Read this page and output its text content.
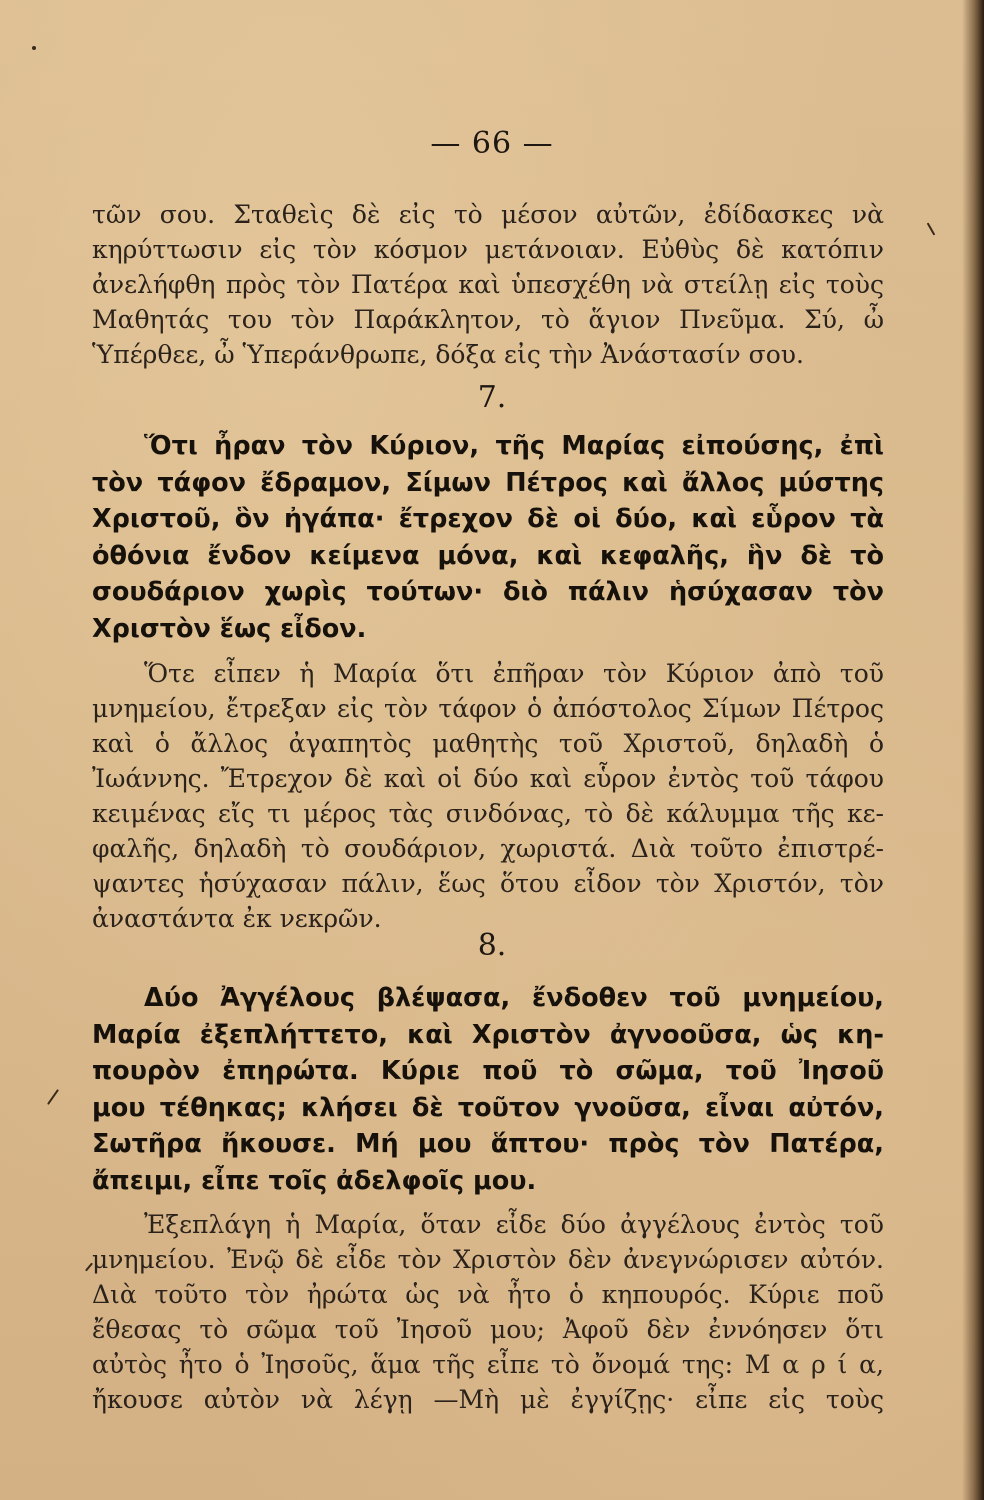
— 66 —
τῶν σου. Σταθεὶς δὲ εἰς τὸ μέσον αὐτῶν, ἐδίδασκες νὰ
κηρύττωσιν εἰς τὸν κόσμον μετάνοιαν. Εὐθὺς δὲ κατόπιν
ἀνελήφθη πρὸς τὸν Πατέρα καὶ ὑπεσχέθη νὰ στείλῃ εἰς τοὺς
Μαθητάς του τὸν Παράκλητον, τὸ ἅγιον Πνεῦμα. Σύ, ὦ
Ὑπέρθεε, ὦ Ὑπεράνθρωπε, δόξα εἰς τὴν Ἀνάστασίν σου.
7.
Ὅτι ἦραν τὸν Κύριον, τῆς Μαρίας εἰπούσης, ἐπὶ
τὸν τάφον ἔδραμον, Σίμων Πέτρος καὶ ἄλλος μύστης
Χριστοῦ, ὃν ἠγάπα· ἔτρεχον δὲ οἱ δύο, καὶ εὗρον τὰ
ὀθόνια ἔνδον κείμενα μόνα, καὶ κεφαλῆς, ἣν δὲ τὸ
σουδάριον χωρὶς τούτων· διὸ πάλιν ἡσύχασαν τὸν
Χριστὸν ἕως εἶδον.
Ὅτε εἶπεν ἡ Μαρία ὅτι ἐπῆραν τὸν Κύριον ἀπὸ τοῦ
μνημείου, ἔτρεξαν εἰς τὸν τάφον ὁ ἀπόστολος Σίμων Πέτρος
καὶ ὁ ἄλλος ἀγαπητὸς μαθητὴς τοῦ Χριστοῦ, δηλαδὴ ὁ
Ἰωάννης. Ἔτρεχον δὲ καὶ οἱ δύο καὶ εὗρον ἐντὸς τοῦ τάφου
κειμένας εἴς τι μέρος τὰς σινδόνας, τὸ δὲ κάλυμμα τῆς κε-
φαλῆς, δηλαδὴ τὸ σουδάριον, χωριστά. Διὰ τοῦτο ἐπιστρέ-
ψαντες ἡσύχασαν πάλιν, ἕως ὅτου εἶδον τὸν Χριστόν, τὸν
ἀναστάντα ἐκ νεκρῶν.
8.
Δύο Ἀγγέλους βλέψασα, ἔνδοθεν τοῦ μνημείου,
Μαρία ἐξεπλήττετο, καὶ Χριστὸν ἀγνοοῦσα, ὡς κη-
πουρὸν ἐπηρώτα. Κύριε ποῦ τὸ σῶμα, τοῦ Ἰησοῦ
μου τέθηκας; κλήσει δὲ τοῦτον γνοῦσα, εἶναι αὐτόν,
Σωτῆρα ἤκουσε. Μή μου ἅπτου· πρὸς τὸν Πατέρα,
ἄπειμι, εἶπε τοῖς ἀδελφοῖς μου.
Ἐξεπλάγη ἡ Μαρία, ὅταν εἶδε δύο ἀγγέλους ἐντὸς τοῦ
μνημείου. Ἐνῷ δὲ εἶδε τὸν Χριστὸν δὲν ἀνεγνώρισεν αὐτόν.
Διὰ τοῦτο τὸν ἠρώτα ὡς νὰ ἦτο ὁ κηπουρός. Κύριε ποῦ
ἔθεσας τὸ σῶμα τοῦ Ἰησοῦ μου; Ἀφοῦ δὲν ἐννόησεν ὅτι
αὐτὸς ἦτο ὁ Ἰησοῦς, ἅμα τῆς εἶπε τὸ ὄνομά της: Μ α ρ ί α,
ἤκουσε αὐτὸν νὰ λέγῃ —Μὴ μὲ ἐγγίζῃς· εἶπε εἰς τοὺς
